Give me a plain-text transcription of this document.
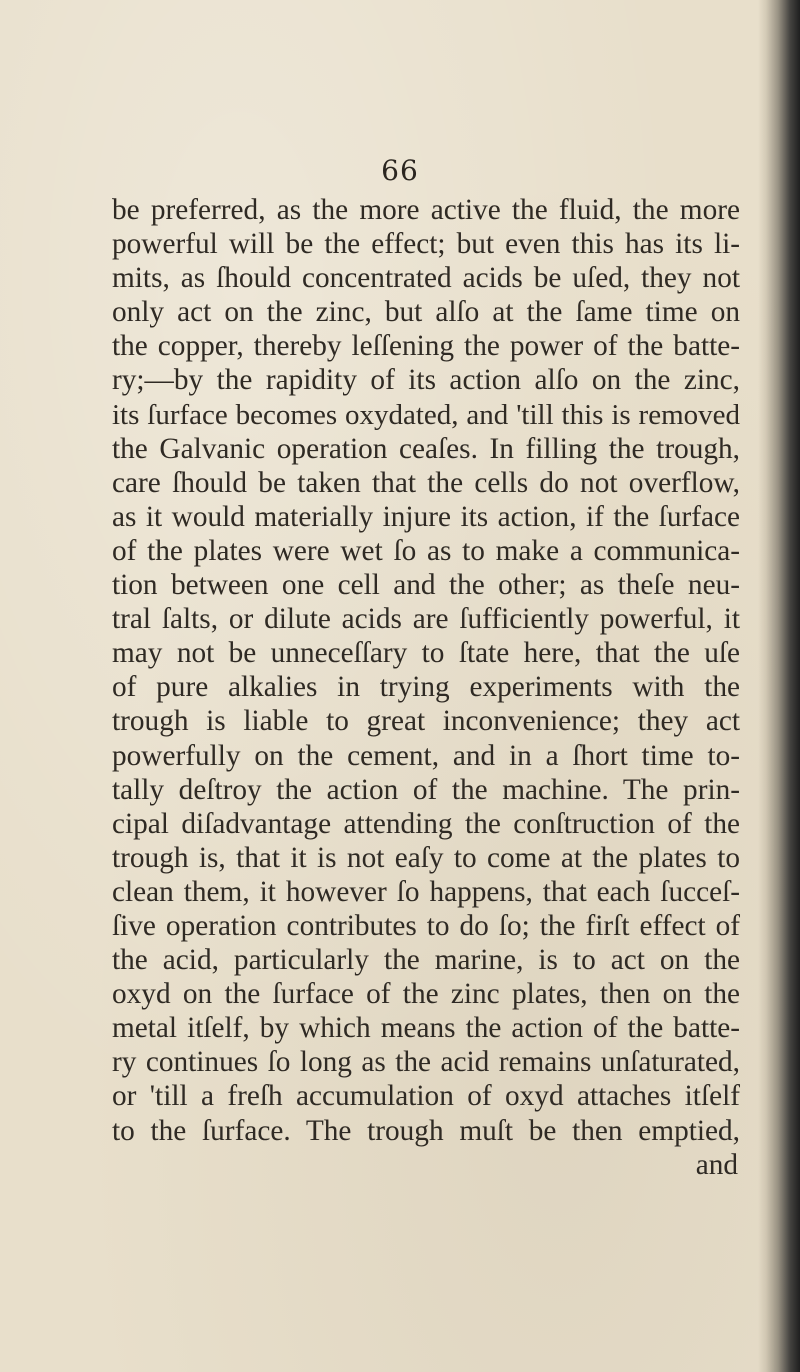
66
be preferred, as the more active the fluid, the more
powerful will be the effect; but even this has its li-
mits, as ſhould concentrated acids be uſed, they not
only act on the zinc, but alſo at the ſame time on
the copper, thereby leſſening the power of the batte-
ry;—by the rapidity of its action alſo on the zinc,
its ſurface becomes oxydated, and 'till this is removed
the Galvanic operation ceaſes. In filling the trough,
care ſhould be taken that the cells do not overflow,
as it would materially injure its action, if the ſurface
of the plates were wet ſo as to make a communica-
tion between one cell and the other; as theſe neu-
tral ſalts, or dilute acids are ſufficiently powerful, it
may not be unneceſſary to ſtate here, that the uſe
of pure alkalies in trying experiments with the
trough is liable to great inconvenience; they act
powerfully on the cement, and in a ſhort time to-
tally deſtroy the action of the machine. The prin-
cipal diſadvantage attending the conſtruction of the
trough is, that it is not eaſy to come at the plates to
clean them, it however ſo happens, that each ſucceſ-
ſive operation contributes to do ſo; the firſt effect of
the acid, particularly the marine, is to act on the
oxyd on the ſurface of the zinc plates, then on the
metal itſelf, by which means the action of the batte-
ry continues ſo long as the acid remains unſaturated,
or 'till a freſh accumulation of oxyd attaches itſelf
to the ſurface. The trough muſt be then emptied,
and
